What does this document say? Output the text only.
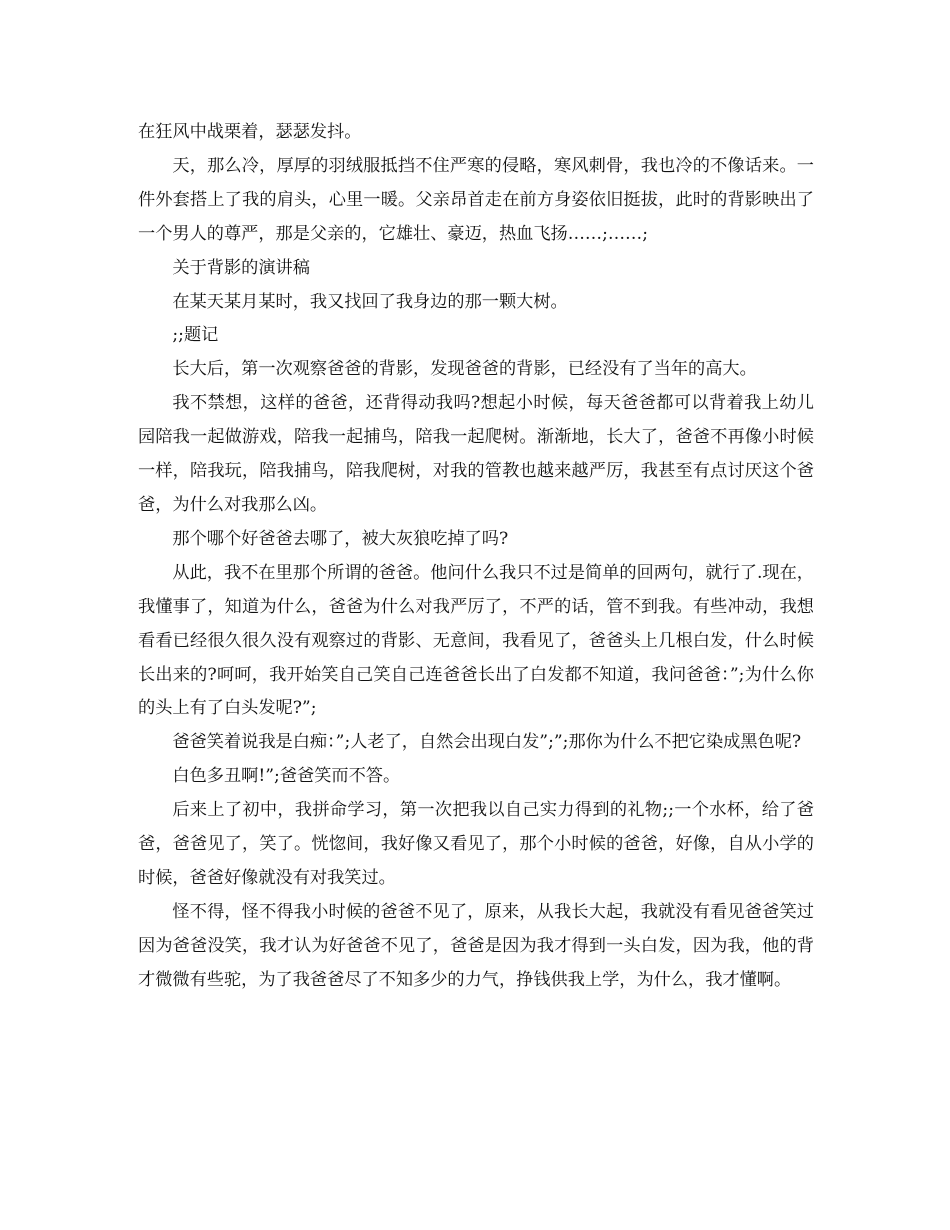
在狂风中战栗着，瑟瑟发抖。

天，那么冷，厚厚的羽绒服抵挡不住严寒的侵略，寒风刺骨，我也冷的不像话来。一件外套搭上了我的肩头，心里一暖。父亲昂首走在前方身姿依旧挺拔，此时的背影映出了一个男人的尊严，那是父亲的，它雄壮、豪迈，热血飞扬……;……;

关于背影的演讲稿

在某天某月某时，我又找回了我身边的那一颗大树。

;;题记

长大后，第一次观察爸爸的背影，发现爸爸的背影，已经没有了当年的高大。

我不禁想，这样的爸爸，还背得动我吗?想起小时候，每天爸爸都可以背着我上幼儿园陪我一起做游戏，陪我一起捕鸟，陪我一起爬树。渐渐地，长大了，爸爸不再像小时候一样，陪我玩，陪我捕鸟，陪我爬树，对我的管教也越来越严厉，我甚至有点讨厌这个爸爸，为什么对我那么凶。

那个哪个好爸爸去哪了，被大灰狼吃掉了吗?

从此，我不在里那个所谓的爸爸。他问什么我只不过是简单的回两句，就行了.现在，我懂事了，知道为什么，爸爸为什么对我严厉了，不严的话，管不到我。有些冲动，我想看看已经很久很久没有观察过的背影、无意间，我看见了，爸爸头上几根白发，什么时候长出来的?呵呵，我开始笑自己笑自己连爸爸长出了白发都不知道，我问爸爸：”;为什么你的头上有了白头发呢?”;

爸爸笑着说我是白痴：”;人老了，自然会出现白发”;”;那你为什么不把它染成黑色呢?

白色多丑啊!”;爸爸笑而不答。

后来上了初中，我拼命学习，第一次把我以自己实力得到的礼物;;一个水杯，给了爸爸，爸爸见了，笑了。恍惚间，我好像又看见了，那个小时候的爸爸，好像，自从小学的时候，爸爸好像就没有对我笑过。

怪不得，怪不得我小时候的爸爸不见了，原来，从我长大起，我就没有看见爸爸笑过因为爸爸没笑，我才认为好爸爸不见了，爸爸是因为我才得到一头白发，因为我，他的背才微微有些驼，为了我爸爸尽了不知多少的力气，挣钱供我上学，为什么，我才懂啊。
